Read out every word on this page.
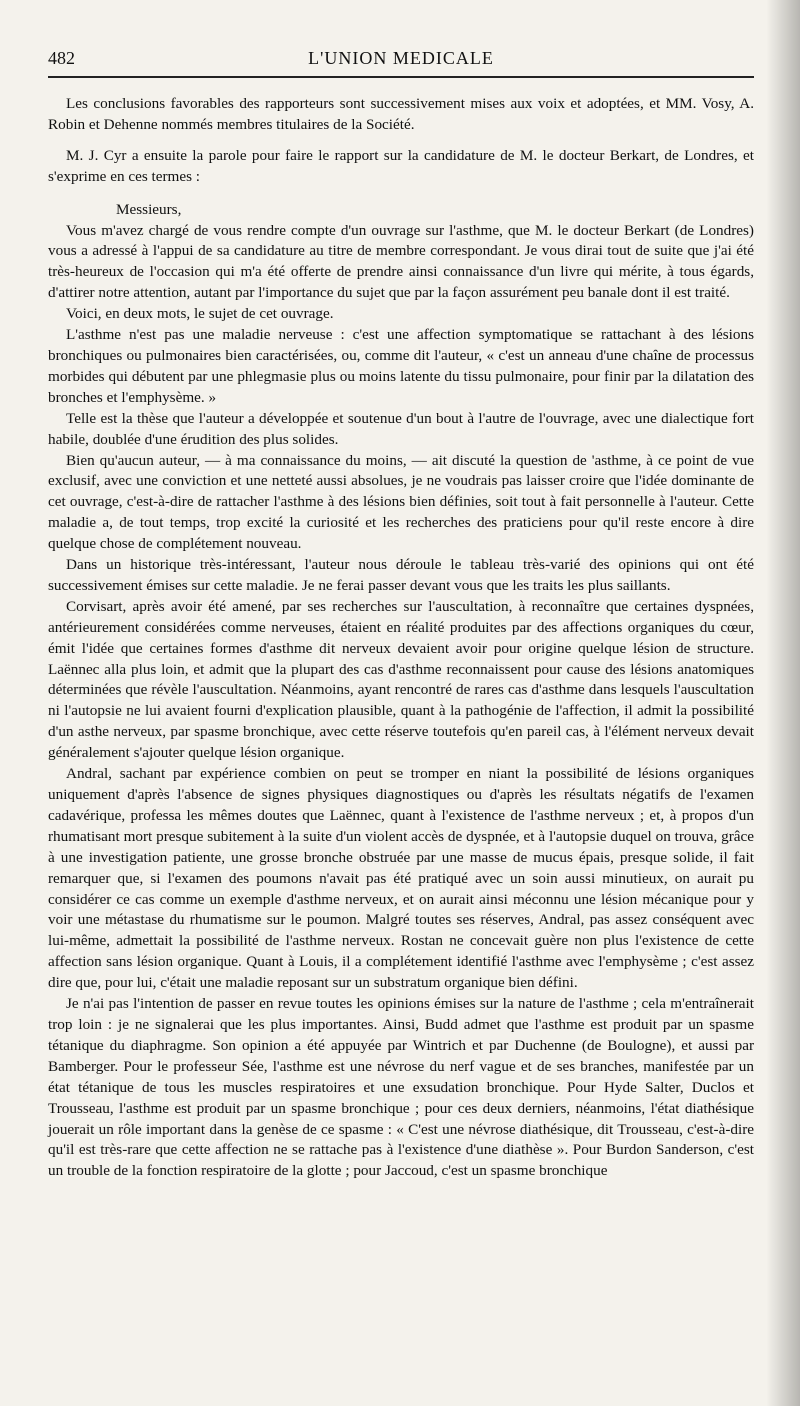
482	L'UNION MEDICALE

Les conclusions favorables des rapporteurs sont successivement mises aux voix et adoptées, et MM. Vosy, A. Robin et Dehenne nommés membres titulaires de la Société.

M. J. Cyr a ensuite la parole pour faire le rapport sur la candidature de M. le docteur Berkart, de Londres, et s'exprime en ces termes :

Messieurs,

Vous m'avez chargé de vous rendre compte d'un ouvrage sur l'asthme, que M. le docteur Berkart (de Londres) vous a adressé à l'appui de sa candidature au titre de membre correspondant. Je vous dirai tout de suite que j'ai été très-heureux de l'occasion qui m'a été offerte de prendre ainsi connaissance d'un livre qui mérite, à tous égards, d'attirer notre attention, autant par l'importance du sujet que par la façon assurément peu banale dont il est traité.

Voici, en deux mots, le sujet de cet ouvrage.

L'asthme n'est pas une maladie nerveuse : c'est une affection symptomatique se rattachant à des lésions bronchiques ou pulmonaires bien caractérisées, ou, comme dit l'auteur, « c'est un anneau d'une chaîne de processus morbides qui débutent par une phlegmasie plus ou moins latente du tissu pulmonaire, pour finir par la dilatation des bronches et l'emphysème. »

Telle est la thèse que l'auteur a développée et soutenue d'un bout à l'autre de l'ouvrage, avec une dialectique fort habile, doublée d'une érudition des plus solides.

Bien qu'aucun auteur, — à ma connaissance du moins, — ait discuté la question de 'asthme, à ce point de vue exclusif, avec une conviction et une netteté aussi absolues, je ne voudrais pas laisser croire que l'idée dominante de cet ouvrage, c'est-à-dire de rattacher l'asthme à des lésions bien définies, soit tout à fait personnelle à l'auteur. Cette maladie a, de tout temps, trop excité la curiosité et les recherches des praticiens pour qu'il reste encore à dire quelque chose de complétement nouveau.

Dans un historique très-intéressant, l'auteur nous déroule le tableau très-varié des opinions qui ont été successivement émises sur cette maladie. Je ne ferai passer devant vous que les traits les plus saillants.

Corvisart, après avoir été amené, par ses recherches sur l'auscultation, à reconnaître que certaines dyspnées, antérieurement considérées comme nerveuses, étaient en réalité produites par des affections organiques du cœur, émit l'idée que certaines formes d'asthme dit nerveux devaient avoir pour origine quelque lésion de structure. Laënnec alla plus loin, et admit que la plupart des cas d'asthme reconnaissent pour cause des lésions anatomiques déterminées que révèle l'auscultation. Néanmoins, ayant rencontré de rares cas d'asthme dans lesquels l'auscultation ni l'autopsie ne lui avaient fourni d'explication plausible, quant à la pathogénie de l'affection, il admit la possibilité d'un asthe nerveux, par spasme bronchique, avec cette réserve toutefois qu'en pareil cas, à l'élément nerveux devait généralement s'ajouter quelque lésion organique.

Andral, sachant par expérience combien on peut se tromper en niant la possibilité de lésions organiques uniquement d'après l'absence de signes physiques diagnostiques ou d'après les résultats négatifs de l'examen cadavérique, professa les mêmes doutes que Laënnec, quant à l'existence de l'asthme nerveux ; et, à propos d'un rhumatisant mort presque subitement à la suite d'un violent accès de dyspnée, et à l'autopsie duquel on trouva, grâce à une investigation patiente, une grosse bronche obstruée par une masse de mucus épais, presque solide, il fait remarquer que, si l'examen des poumons n'avait pas été pratiqué avec un soin aussi minutieux, on aurait pu considérer ce cas comme un exemple d'asthme nerveux, et on aurait ainsi méconnu une lésion mécanique pour y voir une métastase du rhumatisme sur le poumon. Malgré toutes ses réserves, Andral, pas assez conséquent avec lui-même, admettait la possibilité de l'asthme nerveux. Rostan ne concevait guère non plus l'existence de cette affection sans lésion organique. Quant à Louis, il a complétement identifié l'asthme avec l'emphysème ; c'est assez dire que, pour lui, c'était une maladie reposant sur un substratum organique bien défini.

Je n'ai pas l'intention de passer en revue toutes les opinions émises sur la nature de l'asthme ; cela m'entraînerait trop loin : je ne signalerai que les plus importantes. Ainsi, Budd admet que l'asthme est produit par un spasme tétanique du diaphragme. Son opinion a été appuyée par Wintrich et par Duchenne (de Boulogne), et aussi par Bamberger. Pour le professeur Sée, l'asthme est une névrose du nerf vague et de ses branches, manifestée par un état tétanique de tous les muscles respiratoires et une exsudation bronchique. Pour Hyde Salter, Duclos et Trousseau, l'asthme est produit par un spasme bronchique ; pour ces deux derniers, néanmoins, l'état diathésique jouerait un rôle important dans la genèse de ce spasme : « C'est une névrose diathésique, dit Trousseau, c'est-à-dire qu'il est très-rare que cette affection ne se rattache pas à l'existence d'une diathèse ». Pour Burdon Sanderson, c'est un trouble de la fonction respiratoire de la glotte ; pour Jaccoud, c'est un spasme bronchique
